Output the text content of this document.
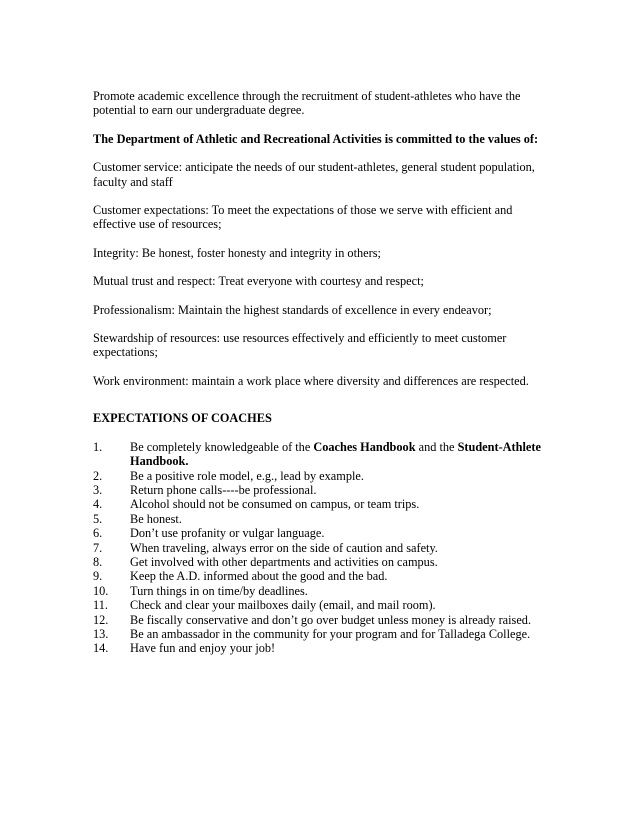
Promote academic excellence through the recruitment of student-athletes who have the potential to earn our undergraduate degree.

The Department of Athletic and Recreational Activities is committed to the values of:

Customer service: anticipate the needs of our student-athletes, general student population, faculty and staff

Customer expectations: To meet the expectations of those we serve with efficient and effective use of resources;

Integrity: Be honest, foster honesty and integrity in others;

Mutual trust and respect: Treat everyone with courtesy and respect;

Professionalism: Maintain the highest standards of excellence in every endeavor;

Stewardship of resources: use resources effectively and efficiently to meet customer expectations;

Work environment: maintain a work place where diversity and differences are respected.

EXPECTATIONS OF COACHES

1.	Be completely knowledgeable of the Coaches Handbook and the Student-Athlete Handbook.
2.	Be a positive role model, e.g., lead by example.
3.	Return phone calls----be professional.
4.	Alcohol should not be consumed on campus, or team trips.
5.	Be honest.
6.	Don’t use profanity or vulgar language.
7.	When traveling, always error on the side of caution and safety.
8.	Get involved with other departments and activities on campus.
9.	Keep the A.D. informed about the good and the bad.
10.	Turn things in on time/by deadlines.
11.	Check and clear your mailboxes daily (email, and mail room).
12.	Be fiscally conservative and don’t go over budget unless money is already raised.
13.	Be an ambassador in the community for your program and for Talladega College.
14.	Have fun and enjoy your job!
